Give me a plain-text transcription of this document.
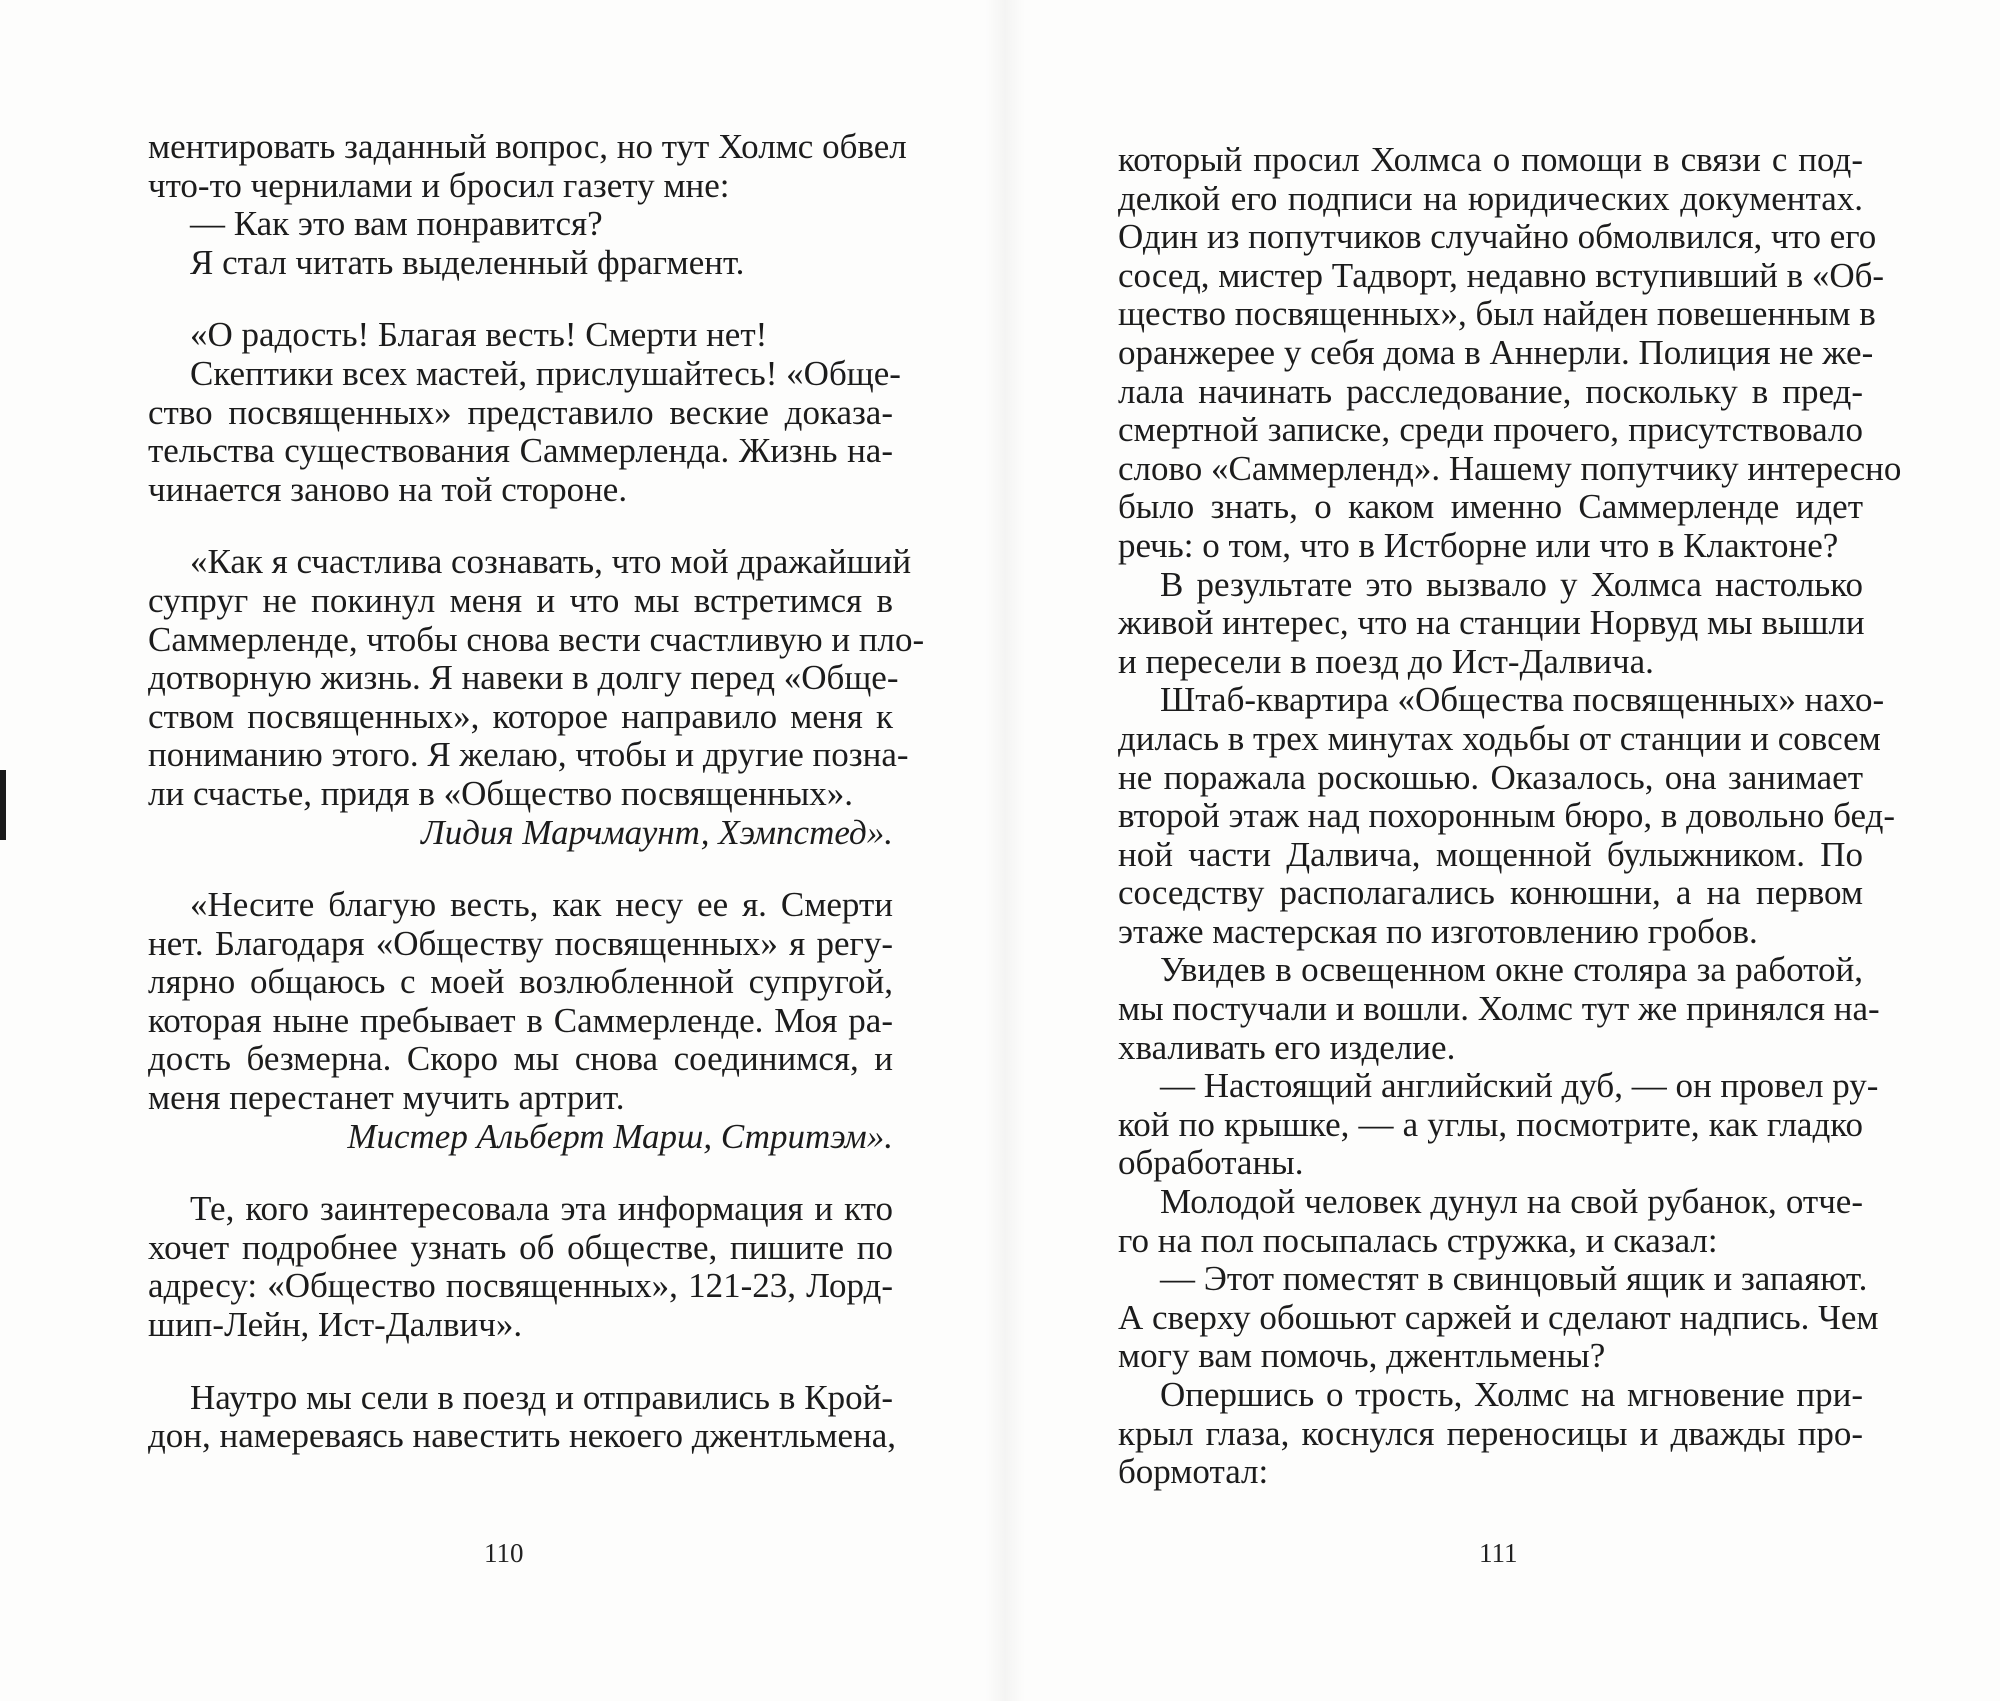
ментировать заданный вопрос, но тут Холмс обвел
что-то чернилами и бросил газету мне:
— Как это вам понравится?
Я стал читать выделенный фрагмент.
«О радость! Благая весть! Смерти нет!
Скептики всех мастей, прислушайтесь! «Обще-
ство посвященных» представило веские доказа-
тельства существования Саммерленда. Жизнь на-
чинается заново на той стороне.
«Как я счастлива сознавать, что мой дражайший
супруг не покинул меня и что мы встретимся в
Саммерленде, чтобы снова вести счастливую и пло-
дотворную жизнь. Я навеки в долгу перед «Обще-
ством посвященных», которое направило меня к
пониманию этого. Я желаю, чтобы и другие позна-
ли счастье, придя в «Общество посвященных».
Лидия Марчмаунт, Хэмпстед».
«Несите благую весть, как несу ее я. Смерти
нет. Благодаря «Обществу посвященных» я регу-
лярно общаюсь с моей возлюбленной супругой,
которая ныне пребывает в Саммерленде. Моя ра-
дость безмерна. Скоро мы снова соединимся, и
меня перестанет мучить артрит.
Мистер Альберт Марш, Стритэм».
Те, кого заинтересовала эта информация и кто
хочет подробнее узнать об обществе, пишите по
адресу: «Общество посвященных», 121-23, Лорд-
шип-Лейн, Ист-Далвич».
Наутро мы сели в поезд и отправились в Крой-
дон, намереваясь навестить некоего джентльмена,
который просил Холмса о помощи в связи с под-
делкой его подписи на юридических документах.
Один из попутчиков случайно обмолвился, что его
сосед, мистер Тадворт, недавно вступивший в «Об-
щество посвященных», был найден повешенным в
оранжерее у себя дома в Аннерли. Полиция не же-
лала начинать расследование, поскольку в пред-
смертной записке, среди прочего, присутствовало
слово «Саммерленд». Нашему попутчику интересно
было знать, о каком именно Саммерленде идет
речь: о том, что в Истборне или что в Клактоне?
В результате это вызвало у Холмса настолько
живой интерес, что на станции Норвуд мы вышли
и пересели в поезд до Ист-Далвича.
Штаб-квартира «Общества посвященных» нахо-
дилась в трех минутах ходьбы от станции и совсем
не поражала роскошью. Оказалось, она занимает
второй этаж над похоронным бюро, в довольно бед-
ной части Далвича, мощенной булыжником. По
соседству располагались конюшни, а на первом
этаже мастерская по изготовлению гробов.
Увидев в освещенном окне столяра за работой,
мы постучали и вошли. Холмс тут же принялся на-
хваливать его изделие.
— Настоящий английский дуб, — он провел ру-
кой по крышке, — а углы, посмотрите, как гладко
обработаны.
Молодой человек дунул на свой рубанок, отче-
го на пол посыпалась стружка, и сказал:
— Этот поместят в свинцовый ящик и запаяют.
А сверху обошьют саржей и сделают надпись. Чем
могу вам помочь, джентльмены?
Опершись о трость, Холмс на мгновение при-
крыл глаза, коснулся переносицы и дважды про-
бормотал:
110	111
